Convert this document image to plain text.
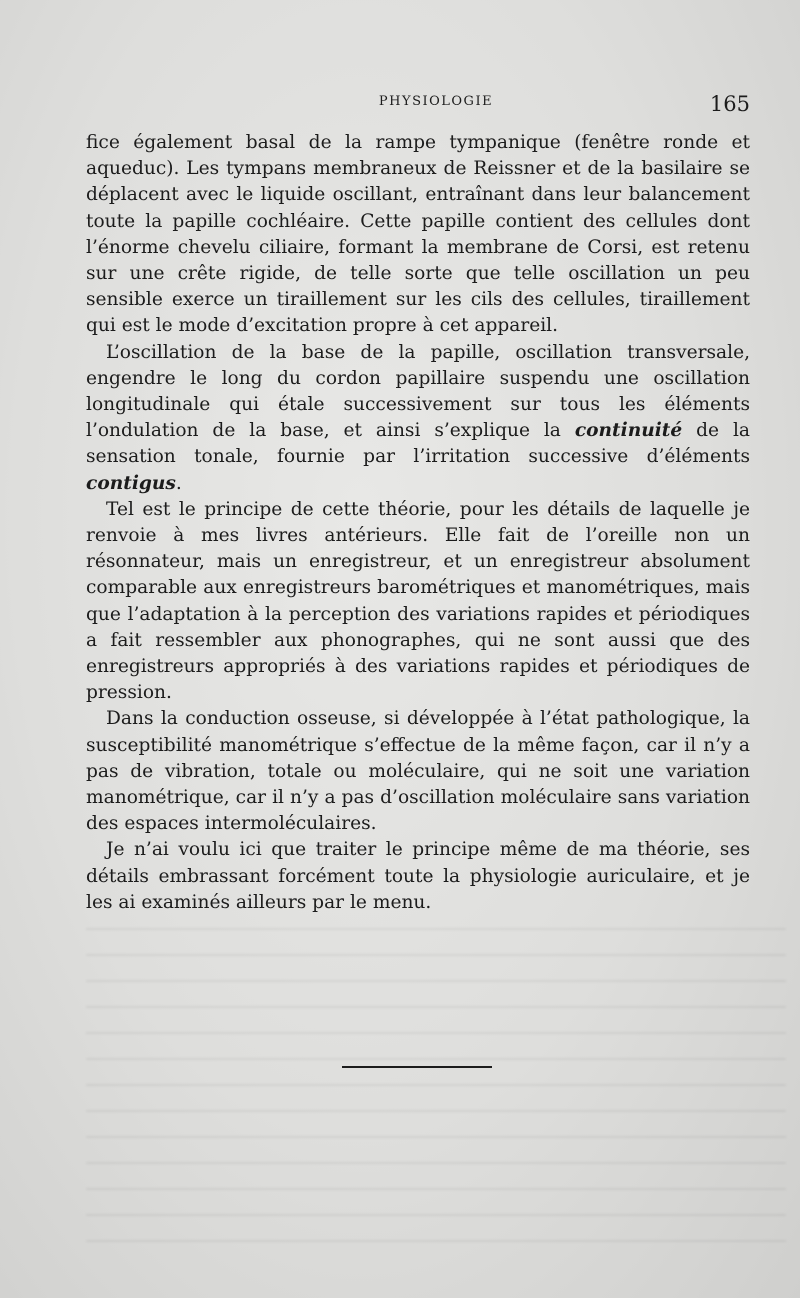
PHYSIOLOGIE	165

fice également basal de la rampe tympanique (fenêtre ronde et aqueduc). Les tympans membraneux de Reissner et de la basilaire se déplacent avec le liquide oscillant, entraînant dans leur balancement toute la papille cochléaire. Cette papille contient des cellules dont l’énorme chevelu ciliaire, formant la membrane de Corsi, est retenu sur une crête rigide, de telle sorte que telle oscillation un peu sensible exerce un tiraillement sur les cils des cellules, tiraillement qui est le mode d’excitation propre à cet appareil.

L’oscillation de la base de la papille, oscillation transversale, engendre le long du cordon papillaire suspendu une oscillation longitudinale qui étale successivement sur tous les éléments l’ondulation de la base, et ainsi s’explique la continuité de la sensation tonale, fournie par l’irritation successive d’éléments contigus.

Tel est le principe de cette théorie, pour les détails de laquelle je renvoie à mes livres antérieurs. Elle fait de l’oreille non un résonnateur, mais un enregistreur, et un enregistreur absolument comparable aux enregistreurs barométriques et manométriques, mais que l’adaptation à la perception des variations rapides et périodiques a fait ressembler aux phonographes, qui ne sont aussi que des enregistreurs appropriés à des variations rapides et périodiques de pression.

Dans la conduction osseuse, si développée à l’état pathologique, la susceptibilité manométrique s’effectue de la même façon, car il n’y a pas de vibration, totale ou moléculaire, qui ne soit une variation manométrique, car il n’y a pas d’oscillation moléculaire sans variation des espaces intermoléculaires.

Je n’ai voulu ici que traiter le principe même de ma théorie, ses détails embrassant forcément toute la physiologie auriculaire, et je les ai examinés ailleurs par le menu.
